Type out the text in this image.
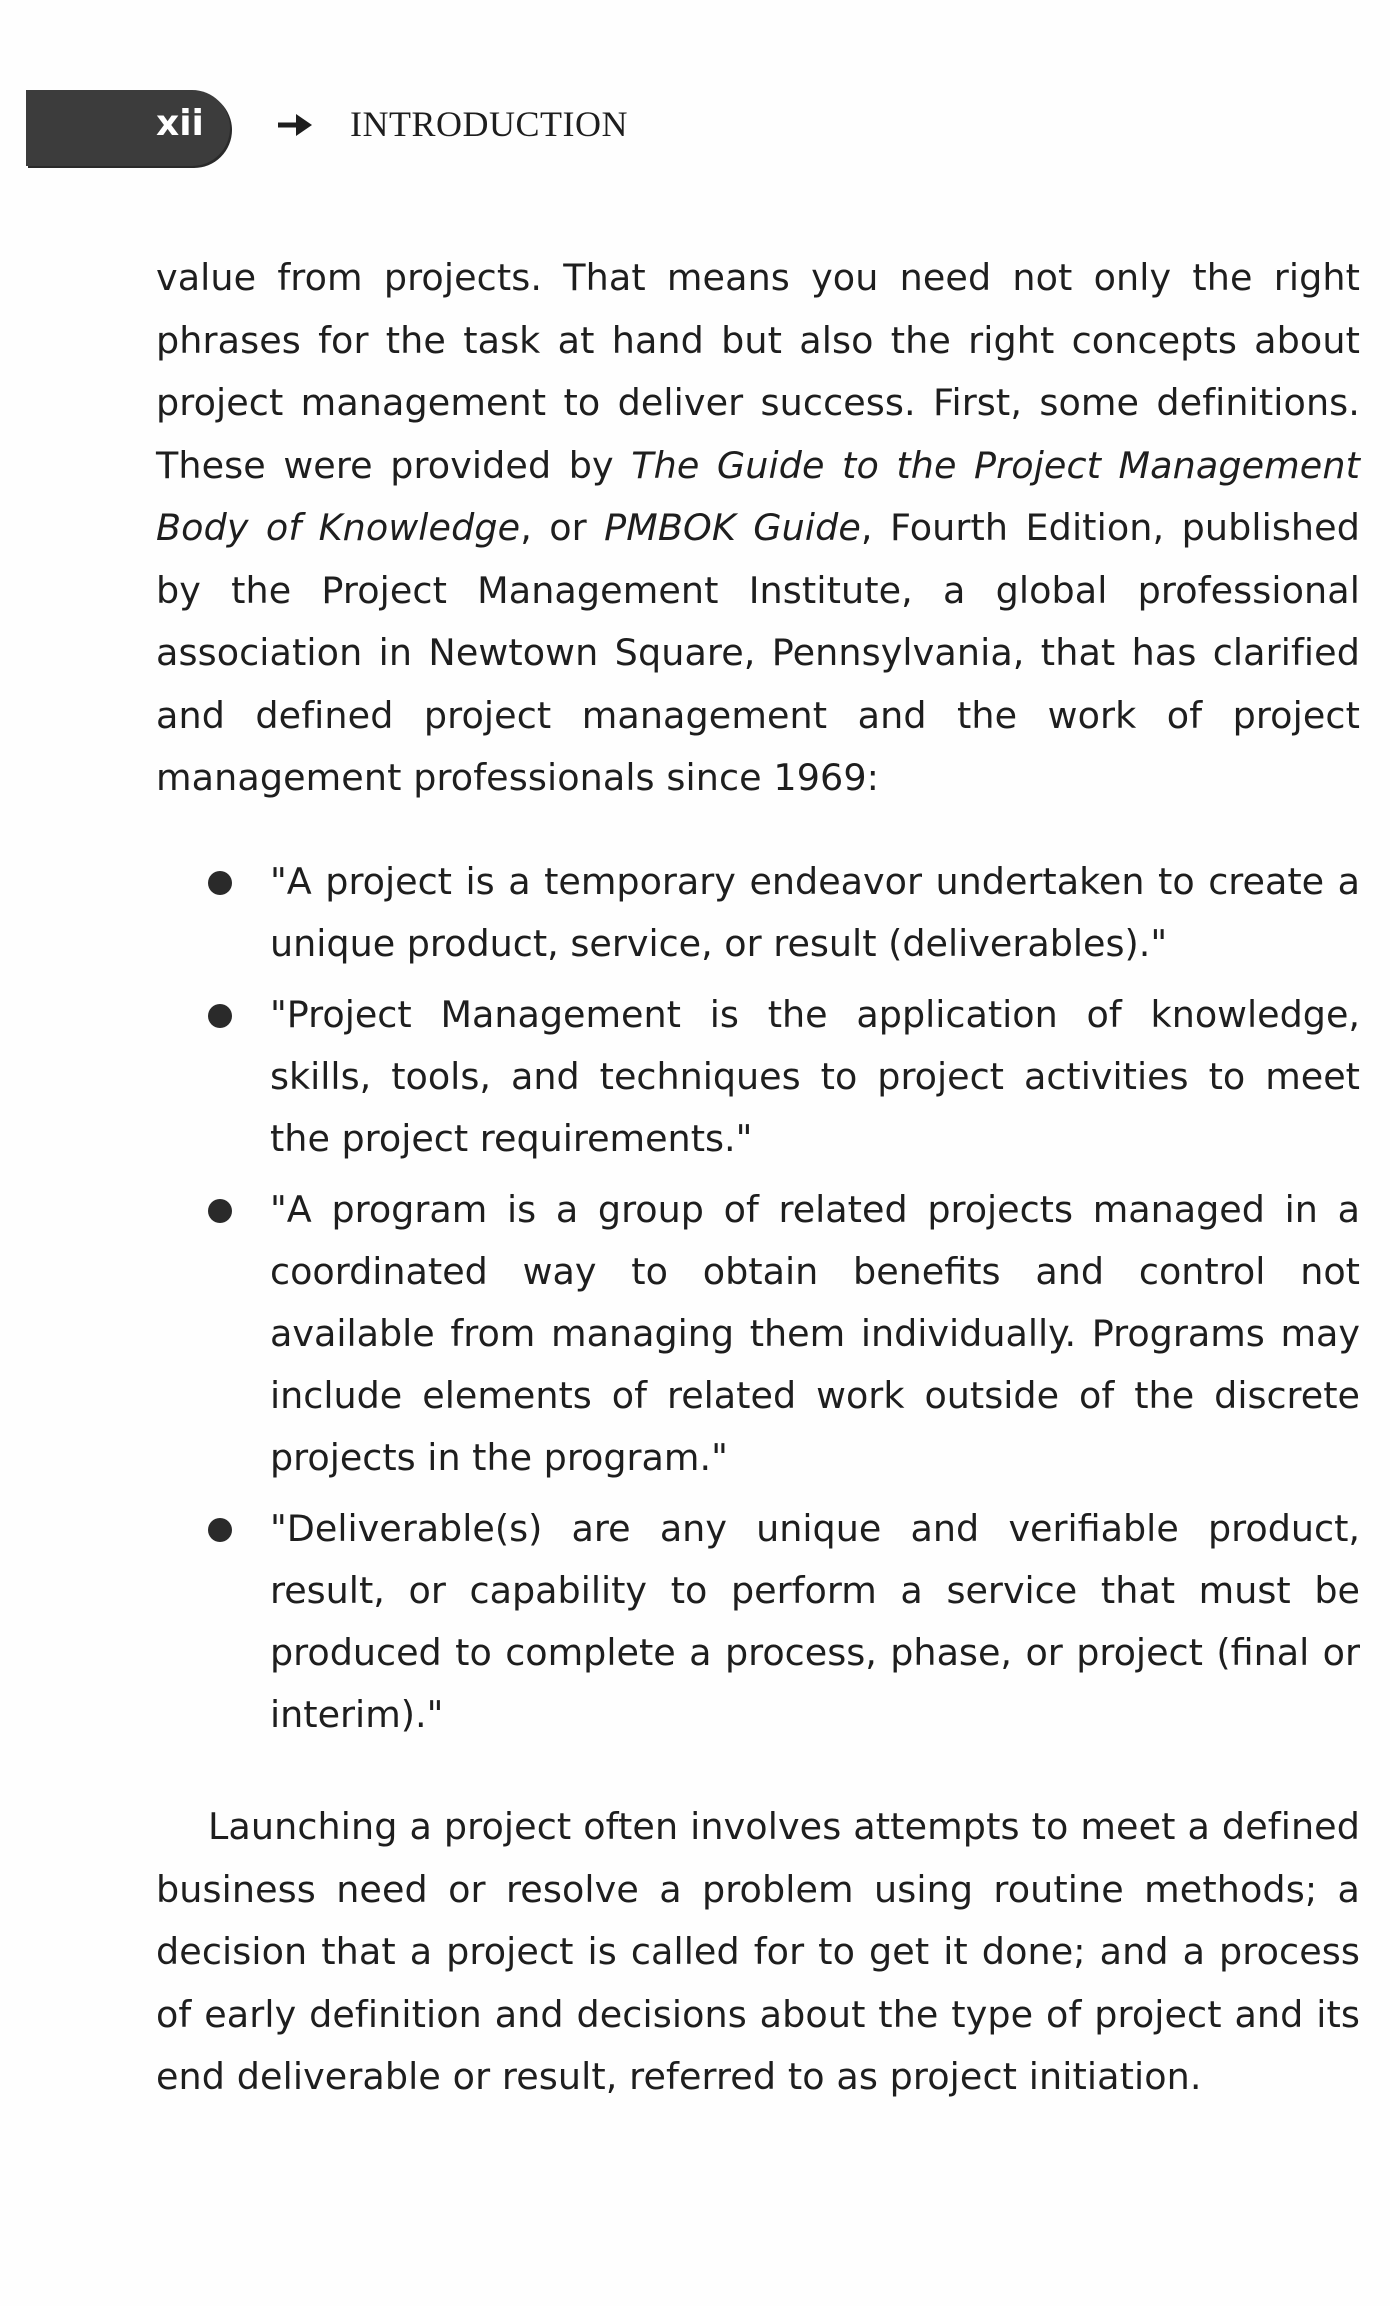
xii	INTRODUCTION

value from projects. That means you need not only the right phrases for the task at hand but also the right concepts about project management to deliver success. First, some definitions. These were provided by The Guide to the Project Management Body of Knowledge, or PMBOK Guide, Fourth Edition, published by the Project Management Institute, a global professional association in Newtown Square, Pennsylvania, that has clarified and defined project management and the work of project management professionals since 1969:

"A project is a temporary endeavor undertaken to create a unique product, service, or result (deliverables)."
"Project Management is the application of knowledge, skills, tools, and techniques to project activities to meet the project requirements."
"A program is a group of related projects managed in a coordinated way to obtain benefits and control not available from managing them individually. Programs may include elements of related work outside of the discrete projects in the program."
"Deliverable(s) are any unique and verifiable product, result, or capability to perform a service that must be produced to complete a process, phase, or project (final or interim)."

Launching a project often involves attempts to meet a defined business need or resolve a problem using routine methods; a decision that a project is called for to get it done; and a process of early definition and decisions about the type of project and its end deliverable or result, referred to as project initiation.
